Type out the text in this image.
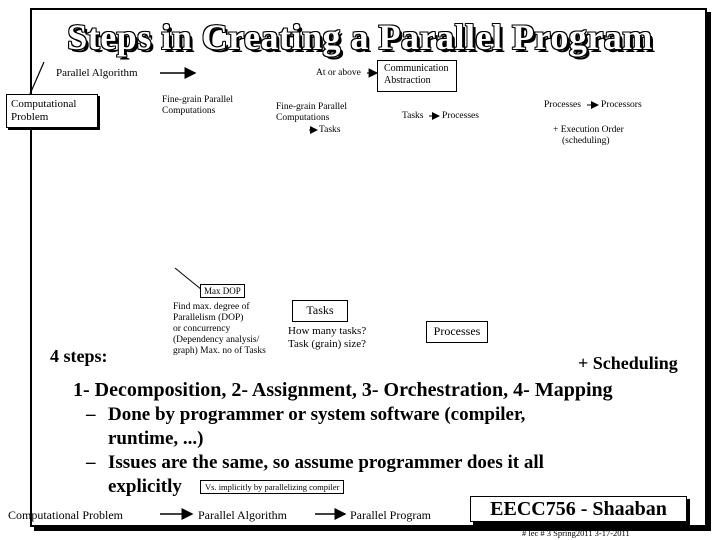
Steps in Creating a Parallel Program
Parallel Algorithm	At or above Communication
Abstraction
Computational
Problem
Fine-grain Parallel
Computations	Fine-grain Parallel
Computations
Tasks
Tasks Processes
Processes Processors
+ Execution Order
(scheduling)
Max DOP
Find max. degree of
Parallelism (DOP)
or concurrency
(Dependency analysis/
graph) Max. no of Tasks
Tasks
How many tasks?
Task (grain) size?
Processes
4 steps:	+ Scheduling
1- Decomposition, 2- Assignment, 3- Orchestration, 4- Mapping
– Done by programmer or system software (compiler,
runtime, ...)
– Issues are the same, so assume programmer does it all
explicitly	Vs. implicitly by parallelizing compiler
Computational Problem	Parallel Algorithm	Parallel Program	EECC756 - Shaaban
# lec # 3 Spring2011 3-17-2011
